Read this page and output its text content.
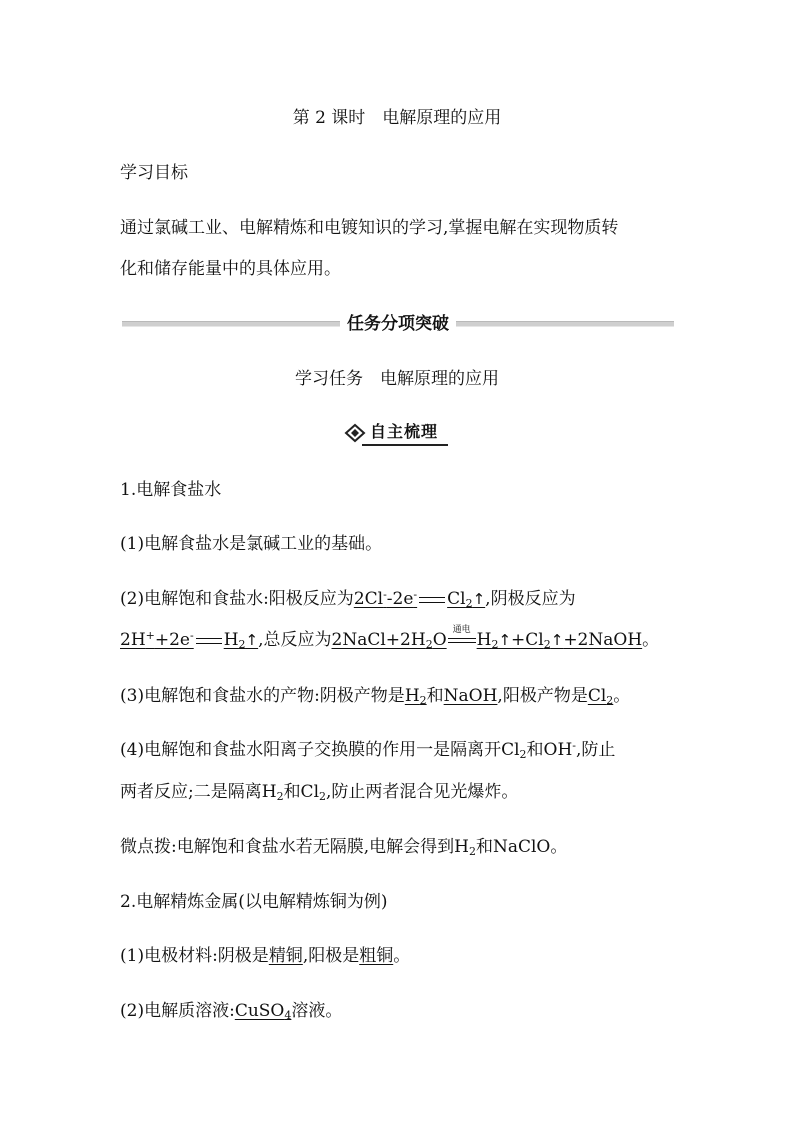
第 2 课时　电解原理的应用
学习目标
通过氯碱工业、电解精炼和电镀知识的学习,掌握电解在实现物质转
化和储存能量中的具体应用。
任务分项突破
学习任务　电解原理的应用
自主梳理
1.电解食盐水
(1)电解食盐水是氯碱工业的基础。
(2)电解饱和食盐水:阳极反应为2Cl--2e- $Cl_2↑$,阴极反应为
2H++2e- $H_2↑$,总反应为$2NaCl+2H_2O$
通电
$H_2↑+Cl_2↑+2NaOH$。
(3)电解饱和食盐水的产物:阴极产物是$H_2$和NaOH,阳极产物是$Cl_2$。
(4)电解饱和食盐水阳离子交换膜的作用一是隔离开$Cl_2$和OH-,防止
两者反应;二是隔离$H_2$和$Cl_2$,防止两者混合见光爆炸。
微点拨:电解饱和食盐水若无隔膜,电解会得到$H_2$和NaClO。
2.电解精炼金属(以电解精炼铜为例)
(1)电极材料:阴极是精铜,阳极是粗铜。
(2)电解质溶液:CuSO$_4$溶液。
